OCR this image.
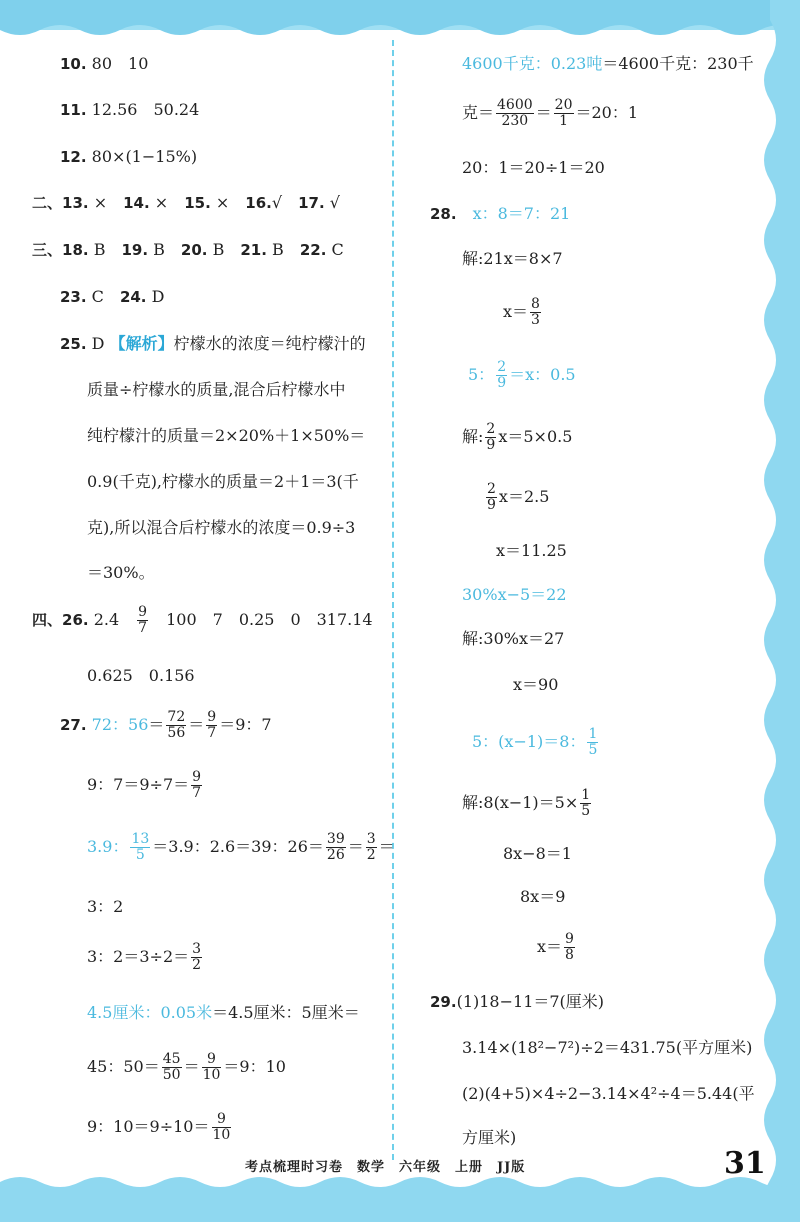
10. 80　10
11. 12.56　50.24
12. 80×(1−15%)
二、13. ×　 14. ×　 15. ×　 16.√　 17. √
三、18. B　 19. B　 20. B　 21. B　 22. C
23. C　 24. D
25. D 【解析】柠檬水的浓度＝纯柠檬汁的
质量÷柠檬水的质量,混合后柠檬水中
纯柠檬汁的质量＝2×20%＋1×50%＝
0.9(千克),柠檬水的质量＝2＋1＝3(千
克),所以混合后柠檬水的浓度＝0.9÷3
＝30%。
四、26. 2.4　 $\frac{9}{7}$
　 100　7　0.25　0　317.14
0.625　0.156
27. 72：$56= \frac{72}{56} = \frac{9}{7} =9$：7
9：$7=9\div 7= \frac{9}{7}$
3.9： $\frac{13}{5} =3.9$：2.6＝39：$26= \frac{39}{26} = \frac{3}{2}$ ＝
3：2
3：$2=3\div 2= \frac{3}{2}$
4.5厘米：0.05米＝4.5厘米：5厘米＝
45：$50= \frac{45}{50} = \frac{9}{10} =9$：10
9：$10=9\div 10= \frac{9}{10}$
4600千克：0.23吨＝4600千克：230千
克＝ $\frac{4600}{230} = \frac{20}{1} =20$：1
20：1＝20÷1＝20
28.　 x：8＝7：21
解:21x＝8×7
$x= \frac{8}{3}$
5： $\frac{2}{9} =x$：0.5
解: $\frac{2}{9} x=5\times 0.5$
$\frac{2}{9} x=2.5$
x＝11.25
30%x−5＝22
解:30%x＝27
x＝90
5：(x−1)＝8： $\frac{1}{5}$
解:8(x−1)＝5× $\frac{1}{5}$
8x−8＝1
8x＝9
$x= \frac{9}{8}$
29.(1)18−11＝7(厘米)
3.14×(18²−7²)÷2＝431.75(平方厘米)
(2)(4+5)×4÷2−3.14×4²÷4＝5.44(平
方厘米)
考点梳理时习卷　数学　六年级　上册　JJ版	31
